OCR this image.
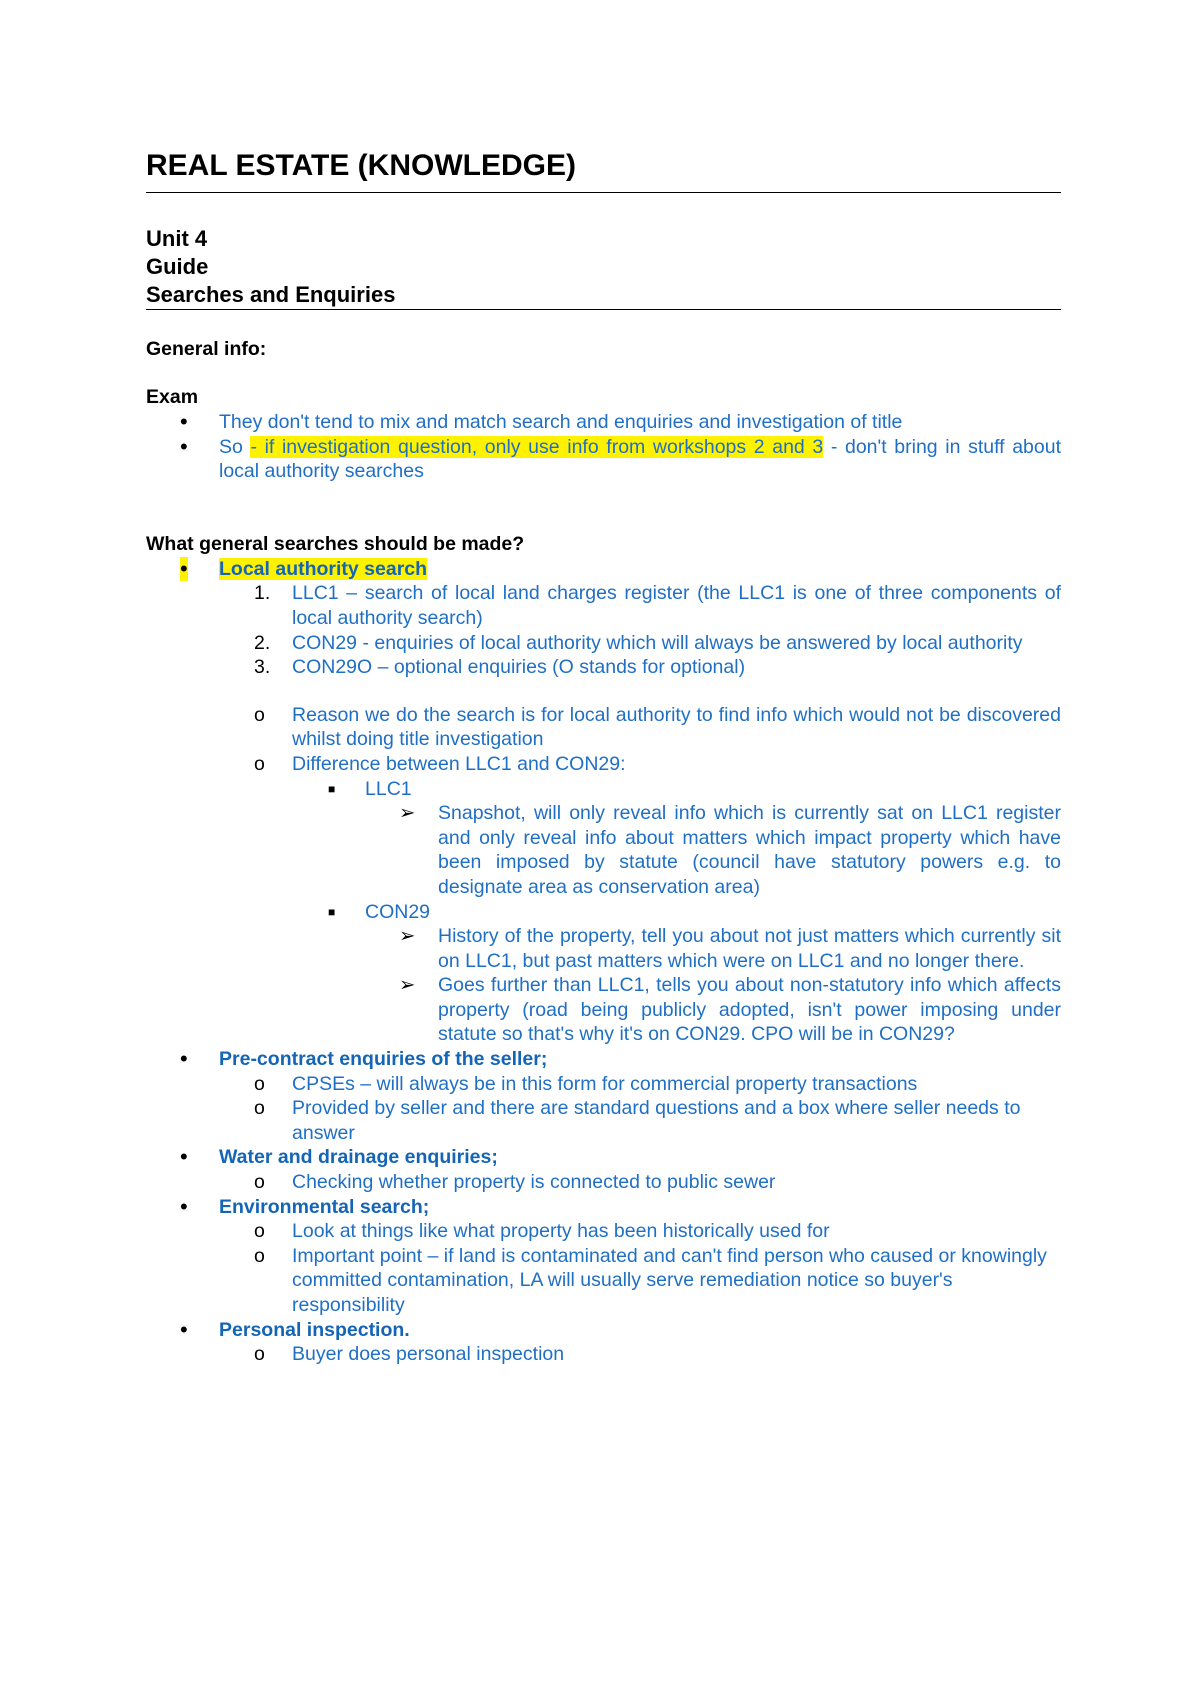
REAL ESTATE (KNOWLEDGE)
Unit 4
Guide
Searches and Enquiries
General info:
Exam
• They don't tend to mix and match search and enquiries and investigation of title
• So - if investigation question, only use info from workshops 2 and 3 - don't bring in stuff about local authority searches
What general searches should be made?
• Local authority search
1. LLC1 – search of local land charges register (the LLC1 is one of three components of local authority search)
2. CON29 - enquiries of local authority which will always be answered by local authority
3. CON29O – optional enquiries (O stands for optional)
o Reason we do the search is for local authority to find info which would not be discovered whilst doing title investigation
o Difference between LLC1 and CON29:
■ LLC1
➢ Snapshot, will only reveal info which is currently sat on LLC1 register and only reveal info about matters which impact property which have been imposed by statute (council have statutory powers e.g. to designate area as conservation area)
■ CON29
➢ History of the property, tell you about not just matters which currently sit on LLC1, but past matters which were on LLC1 and no longer there.
➢ Goes further than LLC1, tells you about non-statutory info which affects property (road being publicly adopted, isn't power imposing under statute so that's why it's on CON29. CPO will be in CON29?
• Pre-contract enquiries of the seller;
o CPSEs – will always be in this form for commercial property transactions
o Provided by seller and there are standard questions and a box where seller needs to answer
• Water and drainage enquiries;
o Checking whether property is connected to public sewer
• Environmental search;
o Look at things like what property has been historically used for
o Important point – if land is contaminated and can't find person who caused or knowingly committed contamination, LA will usually serve remediation notice so buyer's responsibility
• Personal inspection.
o Buyer does personal inspection
